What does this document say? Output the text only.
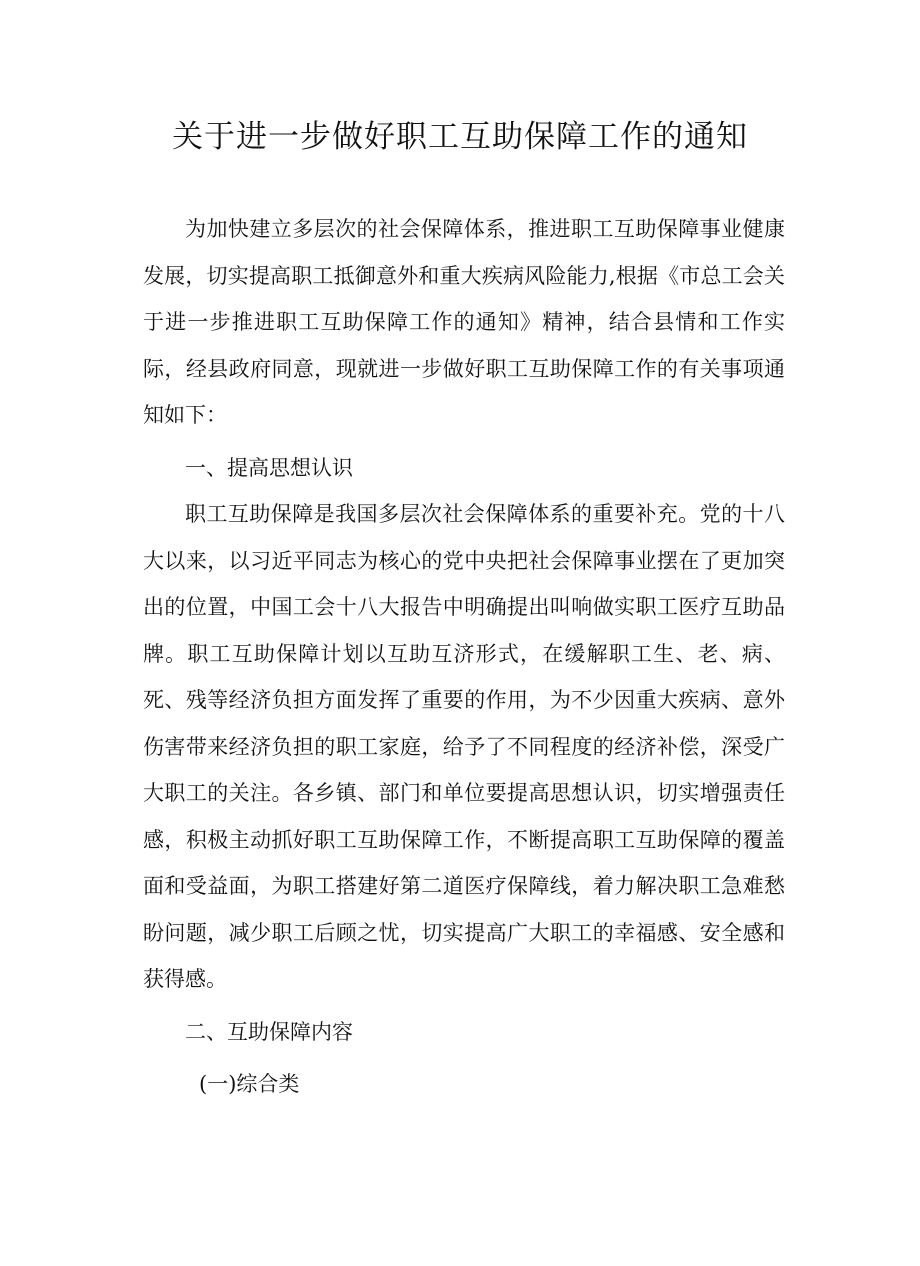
关于进一步做好职工互助保障工作的通知

为加快建立多层次的社会保障体系，推进职工互助保障事业健康发展，切实提高职工抵御意外和重大疾病风险能力,根据《市总工会关于进一步推进职工互助保障工作的通知》精神，结合县情和工作实际，经县政府同意，现就进一步做好职工互助保障工作的有关事项通知如下：

一、提高思想认识

职工互助保障是我国多层次社会保障体系的重要补充。党的十八大以来，以习近平同志为核心的党中央把社会保障事业摆在了更加突出的位置，中国工会十八大报告中明确提出叫响做实职工医疗互助品牌。职工互助保障计划以互助互济形式，在缓解职工生、老、病、死、残等经济负担方面发挥了重要的作用，为不少因重大疾病、意外伤害带来经济负担的职工家庭，给予了不同程度的经济补偿，深受广大职工的关注。各乡镇、部门和单位要提高思想认识，切实增强责任感，积极主动抓好职工互助保障工作，不断提高职工互助保障的覆盖面和受益面，为职工搭建好第二道医疗保障线，着力解决职工急难愁盼问题，减少职工后顾之忧，切实提高广大职工的幸福感、安全感和获得感。

二、互助保障内容

(一)综合类
